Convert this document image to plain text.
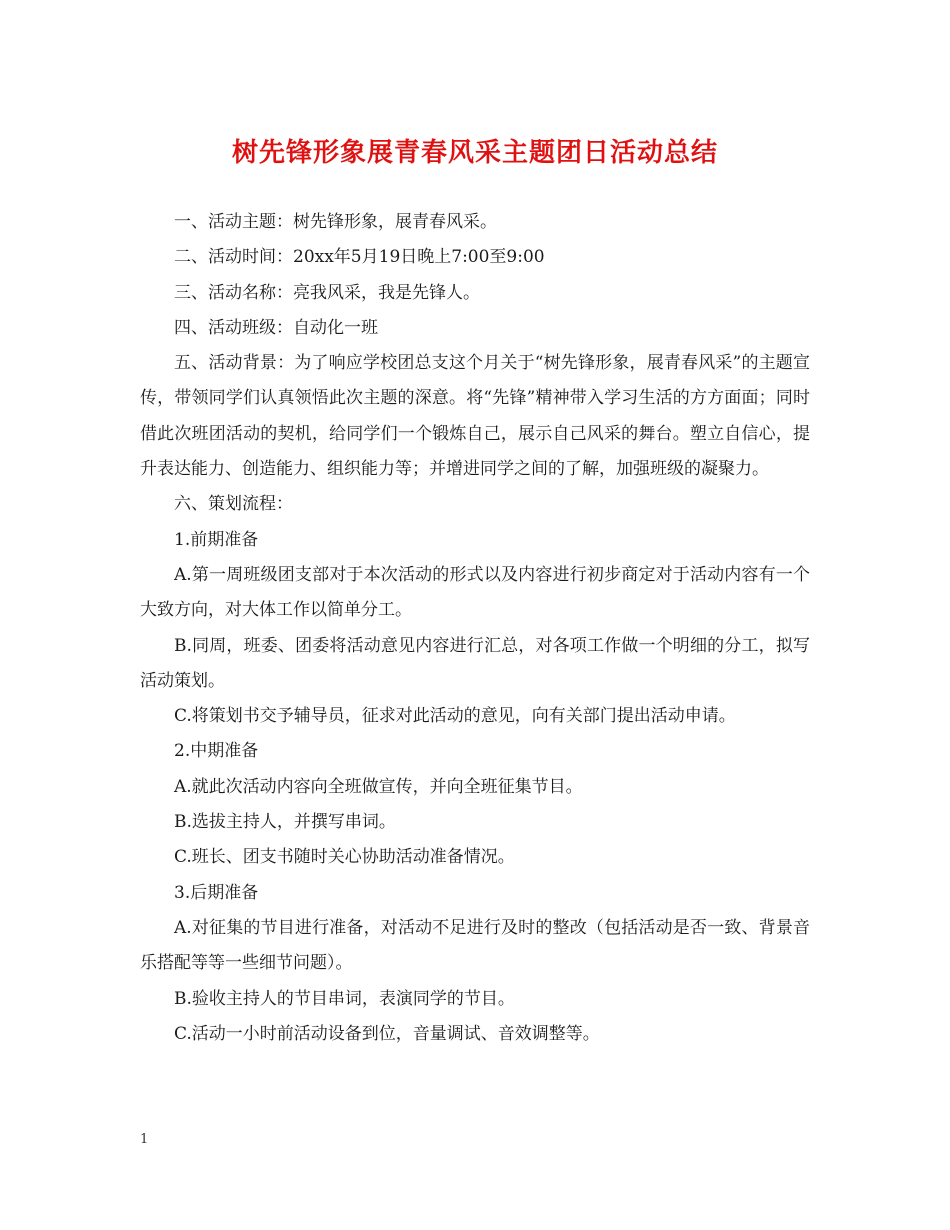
树先锋形象展青春风采主题团日活动总结

一、活动主题：树先锋形象，展青春风采。

二、活动时间：20xx年5月19日晚上7:00至9:00

三、活动名称：亮我风采，我是先锋人。

四、活动班级：自动化一班

五、活动背景：为了响应学校团总支这个月关于“树先锋形象，展青春风采”的主题宣传，带领同学们认真领悟此次主题的深意。将“先锋”精神带入学习生活的方方面面；同时借此次班团活动的契机，给同学们一个锻炼自己，展示自己风采的舞台。塑立自信心，提升表达能力、创造能力、组织能力等；并增进同学之间的了解，加强班级的凝聚力。

六、策划流程：

1.前期准备

A.第一周班级团支部对于本次活动的形式以及内容进行初步商定对于活动内容有一个大致方向，对大体工作以简单分工。

B.同周，班委、团委将活动意见内容进行汇总，对各项工作做一个明细的分工，拟写活动策划。

C.将策划书交予辅导员，征求对此活动的意见，向有关部门提出活动申请。

2.中期准备

A.就此次活动内容向全班做宣传，并向全班征集节目。

B.选拔主持人，并撰写串词。

C.班长、团支书随时关心协助活动准备情况。

3.后期准备

A.对征集的节目进行准备，对活动不足进行及时的整改（包括活动是否一致、背景音乐搭配等等一些细节问题）。

B.验收主持人的节目串词，表演同学的节目。

C.活动一小时前活动设备到位，音量调试、音效调整等。

1
